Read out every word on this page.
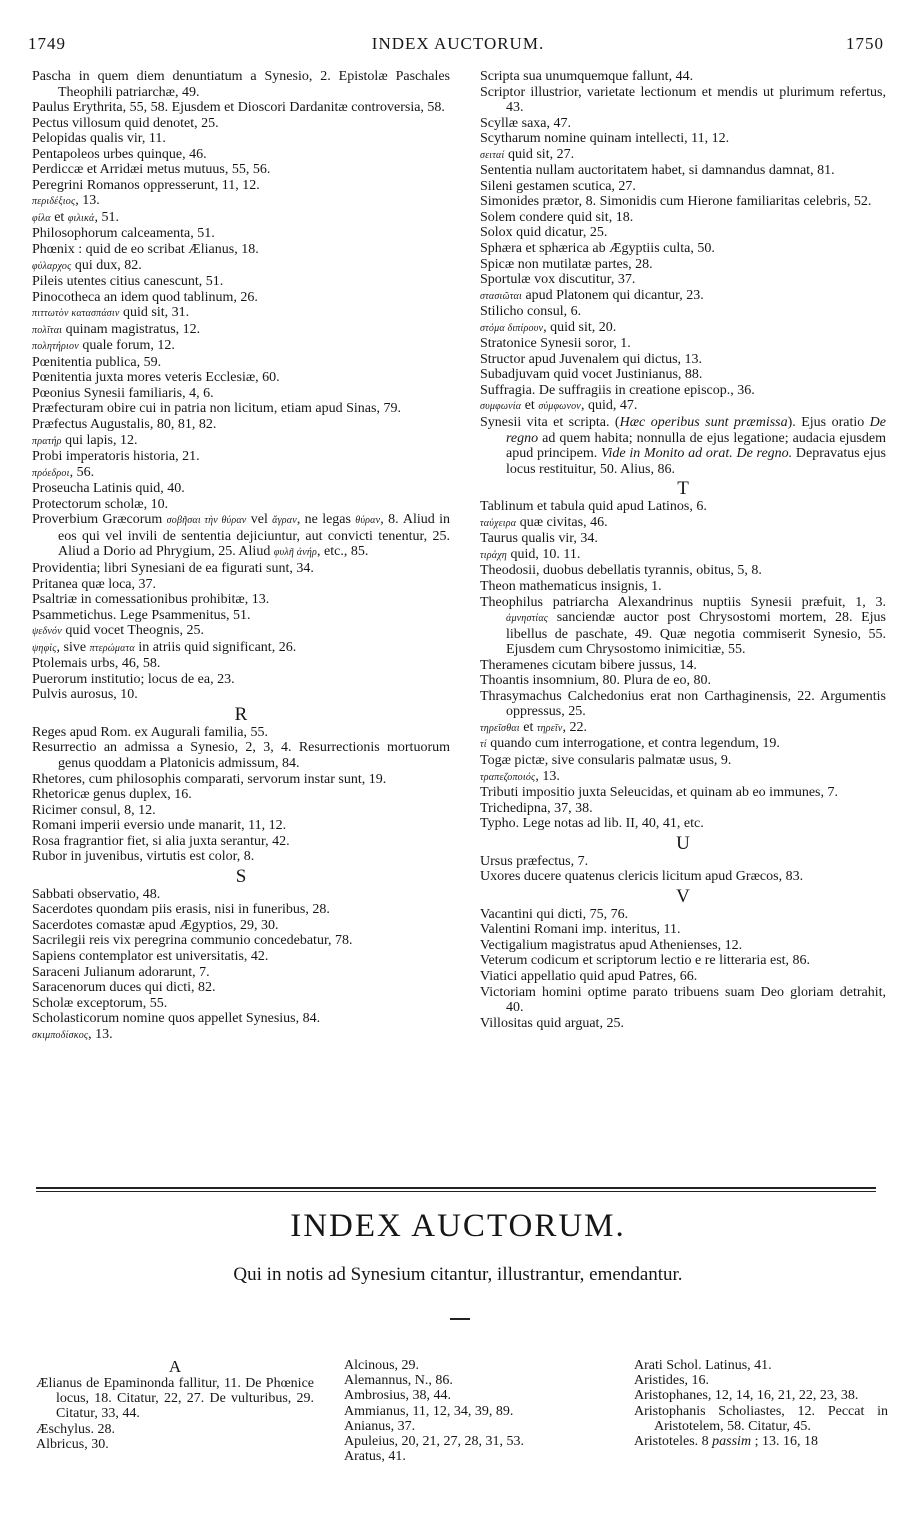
1749	INDEX AUCTORUM.	1750
Pascha in quem diem denuntiatum a Synesio, 2. Epistolæ Paschales Theophili patriarchæ, 49.
Paulus Erythrita, 55, 58. Ejusdem et Dioscori Dardanitæ controversia, 58.
Pectus villosum quid denotet, 25.
Pelopidas qualis vir, 11.
Pentapoleos urbes quinque, 46.
Perdiccæ et Arridæi metus mutuus, 55, 56.
Peregrini Romanos oppresserunt, 11, 12.
περιδέξιος, 13.
φίλα et φιλικά, 51.
Philosophorum calceamenta, 51.
Phœnix : quid de eo scribat Ælianus, 18.
φύλαρχος qui dux, 82.
Pileis utentes citius canescunt, 51.
Pinocotheca an idem quod tablinum, 26.
πιττωτὸν κατασπάσιν quid sit, 31.
πολῖται quinam magistratus, 12.
πολητήριον quale forum, 12.
Pœnitentia publica, 59.
Pœnitentia juxta mores veteris Ecclesiæ, 60.
Pœonius Synesii familiaris, 4, 6.
Præfecturam obire cui in patria non licitum, etiam apud Sinas, 79.
Præfectus Augustalis, 80, 81, 82.
πρατήρ qui lapis, 12.
Probi imperatoris historia, 21.
πρόεδροι, 56.
Proseucha Latinis quid, 40.
Protectorum scholæ, 10.
Proverbium Græcorum σοβῆσαι τὴν θύραν vel ἄγραν, ne legas θύραν, 8. Aliud in eos qui vel invili de sententia dejiciuntur, aut convicti tenentur, 25. Aliud a Dorio ad Phrygium, 25. Aliud φυλῆ ἀνήρ, etc., 85.
Providentia; libri Synesiani de ea figurati sunt, 34.
Pritanea quæ loca, 37.
Psaltriæ in comessationibus prohibitæ, 13.
Psammetichus. Lege Psammenitus, 51.
ψεδνόν quid vocet Theognis, 25.
ψηφὶς, sive πτερώματα in atriis quid significant, 26.
Ptolemais urbs, 46, 58.
Puerorum institutio; locus de ea, 23.
Pulvis aurosus, 10.
R
Reges apud Rom. ex Augurali familia, 55.
Resurrectio an admissa a Synesio, 2, 3, 4. Resurrectionis mortuorum genus quoddam a Platonicis admissum, 84.
Rhetores, cum philosophis comparati, servorum instar sunt, 19.
Rhetoricæ genus duplex, 16.
Ricimer consul, 8, 12.
Romani imperii eversio unde manarit, 11, 12.
Rosa fragrantior fiet, si alia juxta serantur, 42.
Rubor in juvenibus, virtutis est color, 8.
S
Sabbati observatio, 48.
Sacerdotes quondam piis erasis, nisi in funeribus, 28.
Sacerdotes comastæ apud Ægyptios, 29, 30.
Sacrilegii reis vix peregrina communio concedebatur, 78.
Sapiens contemplator est universitatis, 42.
Saraceni Julianum adorarunt, 7.
Saracenorum duces qui dicti, 82.
Scholæ exceptorum, 55.
Scholasticorum nomine quos appellet Synesius, 84.
σκιμποδίσκος, 13.
Scripta sua unumquemque fallunt, 44.
Scriptor illustrior, varietate lectionum et mendis ut plurimum refertus, 43.
Scyllæ saxa, 47.
Scytharum nomine quinam intellecti, 11, 12.
σειταί quid sit, 27.
Sententia nullam auctoritatem habet, si damnandus damnat, 81.
Sileni gestamen scutica, 27.
Simonides prætor, 8. Simonidis cum Hierone familiaritas celebris, 52.
Solem condere quid sit, 18.
Solox quid dicatur, 25.
Sphæra et sphærica ab Ægyptiis culta, 50.
Spicæ non mutilatæ partes, 28.
Sportulæ vox discutitur, 37.
στασιῶται apud Platonem qui dicantur, 23.
Stilicho consul, 6.
στόμα διπίρουν, quid sit, 20.
Stratonice Synesii soror, 1.
Structor apud Juvenalem qui dictus, 13.
Subadjuvam quid vocet Justinianus, 88.
Suffragia. De suffragiis in creatione episcop., 36.
συμφωνία et σύμφωνον, quid, 47.
Synesii vita et scripta. (Hæc operibus sunt præmissa). Ejus oratio De regno ad quem habita; nonnulla de ejus legatione; audacia ejusdem apud principem. Vide in Monito ad orat. De regno. Depravatus ejus locus restituitur, 50. Alius, 86.
T
Tablinum et tabula quid apud Latinos, 6.
ταύχειρα quæ civitas, 46.
Taurus qualis vir, 34.
τιράχη quid, 10. 11.
Theodosii, duobus debellatis tyrannis, obitus, 5, 8.
Theon mathematicus insignis, 1.
Theophilus patriarcha Alexandrinus nuptiis Synesii præfuit, 1, 3. ἀμνηστίας sanciendæ auctor post Chrysostomi mortem, 28. Ejus libellus de paschate, 49. Quæ negotia commiserit Synesio, 55. Ejusdem cum Chrysostomo inimicitiæ, 55.
Theramenes cicutam bibere jussus, 14.
Thoantis insomnium, 80. Plura de eo, 80.
Thrasymachus Calchedonius erat non Carthaginensis, 22. Argumentis oppressus, 25.
τηρεῖσθαι et τηρεῖν, 22.
τί quando cum interrogatione, et contra legendum, 19.
Togæ pictæ, sive consularis palmatæ usus, 9.
τραπεζοποιός, 13.
Tributi impositio juxta Seleucidas, et quinam ab eo immunes, 7.
Trichedipna, 37, 38.
Typho. Lege notas ad lib. II, 40, 41, etc.
U
Ursus præfectus, 7.
Uxores ducere quatenus clericis licitum apud Græcos, 83.
V
Vacantini qui dicti, 75, 76.
Valentini Romani imp. interitus, 11.
Vectigalium magistratus apud Athenienses, 12.
Veterum codicum et scriptorum lectio e re litteraria est, 86.
Viatici appellatio quid apud Patres, 66.
Victoriam homini optime parato tribuens suam Deo gloriam detrahit, 40.
Villositas quid arguat, 25.
INDEX AUCTORUM.
Qui in notis ad Synesium citantur, illustrantur, emendantur.
A
Ælianus de Epaminonda fallitur, 11. De Phœnice locus, 18. Citatur, 22, 27. De vulturibus, 29. Citatur, 33, 44.
Æschylus. 28.
Albricus, 30.
Alcinous, 29.
Alemannus, N., 86.
Ambrosius, 38, 44.
Ammianus, 11, 12, 34, 39, 89.
Anianus, 37.
Apuleius, 20, 21, 27, 28, 31, 53.
Aratus, 41.
Arati Schol. Latinus, 41.
Aristides, 16.
Aristophanes, 12, 14, 16, 21, 22, 23, 38.
Aristophanis Scholiastes, 12. Peccat in Aristotelem, 58. Citatur, 45.
Aristoteles. 8 passim ; 13. 16, 18
